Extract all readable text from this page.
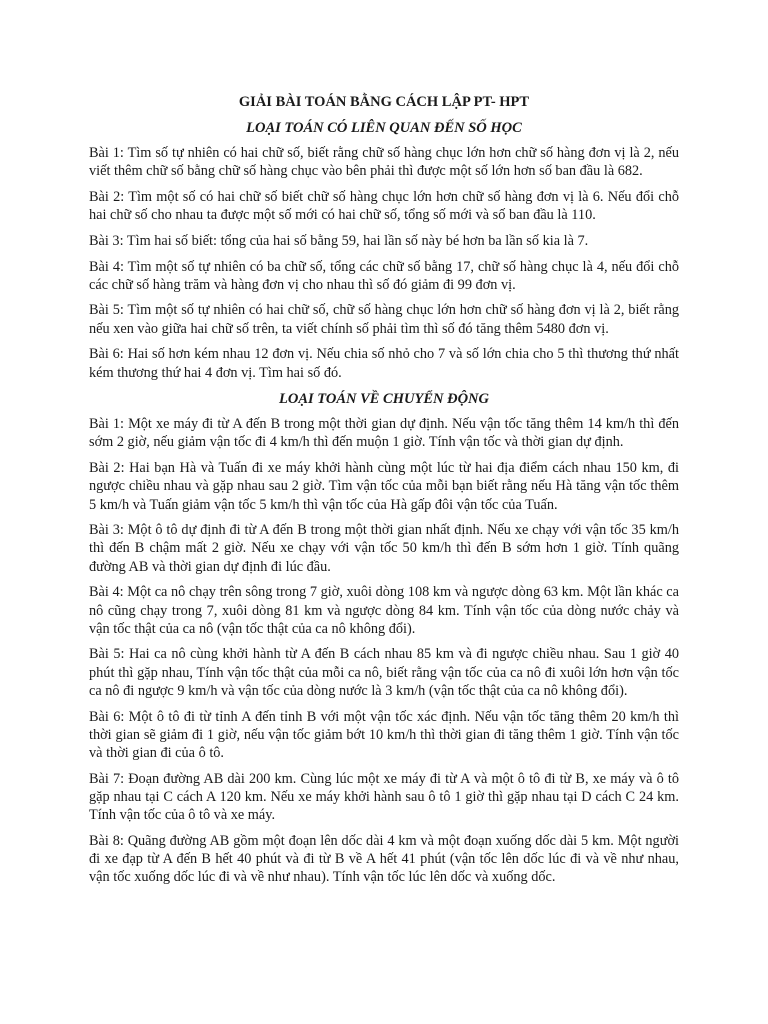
GIẢI BÀI TOÁN BẰNG CÁCH LẬP PT- HPT
LOẠI TOÁN CÓ LIÊN QUAN ĐẾN SỐ HỌC

Bài 1: Tìm số tự nhiên có hai chữ số, biết rằng chữ số hàng chục lớn hơn chữ số hàng đơn vị là 2, nếu viết thêm chữ số bằng chữ số hàng chục vào bên phải thì được một số lớn hơn số ban đầu là 682.

Bài 2: Tìm một số có hai chữ số biết chữ số hàng chục lớn hơn chữ số hàng đơn vị là 6. Nếu đổi chỗ hai chữ số cho nhau ta được một số mới có hai chữ số, tổng số mới và số ban đầu là 110.

Bài 3: Tìm hai số biết: tổng của hai số bằng 59, hai lần số này bé hơn ba lần số kia là 7.

Bài 4: Tìm một số tự nhiên có ba chữ số, tổng các chữ số bằng 17, chữ số hàng chục là 4, nếu đổi chỗ các chữ số hàng trăm và hàng đơn vị cho nhau thì số đó giảm đi 99 đơn vị.

Bài 5: Tìm một số tự nhiên có hai chữ số, chữ số hàng chục lớn hơn chữ số hàng đơn vị là 2, biết rằng nếu xen vào giữa hai chữ số trên, ta viết chính số phải tìm thì số đó tăng thêm 5480 đơn vị.

Bài 6: Hai số hơn kém nhau 12 đơn vị. Nếu chia số nhỏ cho 7 và số lớn chia cho 5 thì thương thứ nhất kém thương thứ hai 4 đơn vị. Tìm hai số đó.

LOẠI TOÁN VỀ CHUYỂN ĐỘNG

Bài 1: Một xe máy đi từ A đến B trong một thời gian dự định. Nếu vận tốc tăng thêm 14 km/h thì đến sớm 2 giờ, nếu giảm vận tốc đi 4 km/h thì đến muộn 1 giờ. Tính vận tốc và thời gian dự định.

Bài 2: Hai bạn Hà và Tuấn đi xe máy khởi hành cùng một lúc từ hai địa điểm cách nhau 150 km, đi ngược chiều nhau và gặp nhau sau 2 giờ. Tìm vận tốc của mỗi bạn biết rằng nếu Hà tăng vận tốc thêm 5 km/h và Tuấn giảm vận tốc 5 km/h thì vận tốc của Hà gấp đôi vận tốc của Tuấn.

Bài 3: Một ô tô dự định đi từ A đến B trong một thời gian nhất định. Nếu xe chạy với vận tốc 35 km/h thì đến B chậm mất 2 giờ. Nếu xe chạy với vận tốc 50 km/h thì đến B sớm hơn 1 giờ. Tính quãng đường AB và thời gian dự định đi lúc đầu.

Bài 4: Một ca nô chạy trên sông trong 7 giờ, xuôi dòng 108 km và ngược dòng 63 km. Một lần khác ca nô cũng chạy trong 7, xuôi dòng 81 km và ngược dòng 84 km. Tính vận tốc của dòng nước chảy và vận tốc thật của ca nô (vận tốc thật của ca nô không đổi).

Bài 5: Hai ca nô cùng khởi hành từ A đến B cách nhau 85 km và đi ngược chiều nhau. Sau 1 giờ 40 phút thì gặp nhau, Tính vận tốc thật của mỗi ca nô, biết rằng vận tốc của ca nô đi xuôi lớn hơn vận tốc ca nô đi ngược 9 km/h và vận tốc của dòng nước là 3 km/h (vận tốc thật của ca nô không đổi).

Bài 6: Một ô tô đi từ tỉnh A đến tỉnh B với một vận tốc xác định. Nếu vận tốc tăng thêm 20 km/h thì thời gian sẽ giảm đi 1 giờ, nếu vận tốc giảm bớt 10 km/h thì thời gian đi tăng thêm 1 giờ. Tính vận tốc và thời gian đi của ô tô.

Bài 7: Đoạn đường AB dài 200 km. Cùng lúc một xe máy đi từ A và một ô tô đi từ B, xe máy và ô tô gặp nhau tại C cách A 120 km. Nếu xe máy khởi hành sau ô tô 1 giờ thì gặp nhau tại D cách C 24 km. Tính vận tốc của ô tô và xe máy.

Bài 8: Quãng đường AB gồm một đoạn lên dốc dài 4 km và một đoạn xuống dốc dài 5 km. Một người đi xe đạp từ A đến B hết 40 phút và đi từ B về A hết 41 phút (vận tốc lên dốc lúc đi và về như nhau, vận tốc xuống dốc lúc đi và về như nhau). Tính vận tốc lúc lên dốc và xuống dốc.
